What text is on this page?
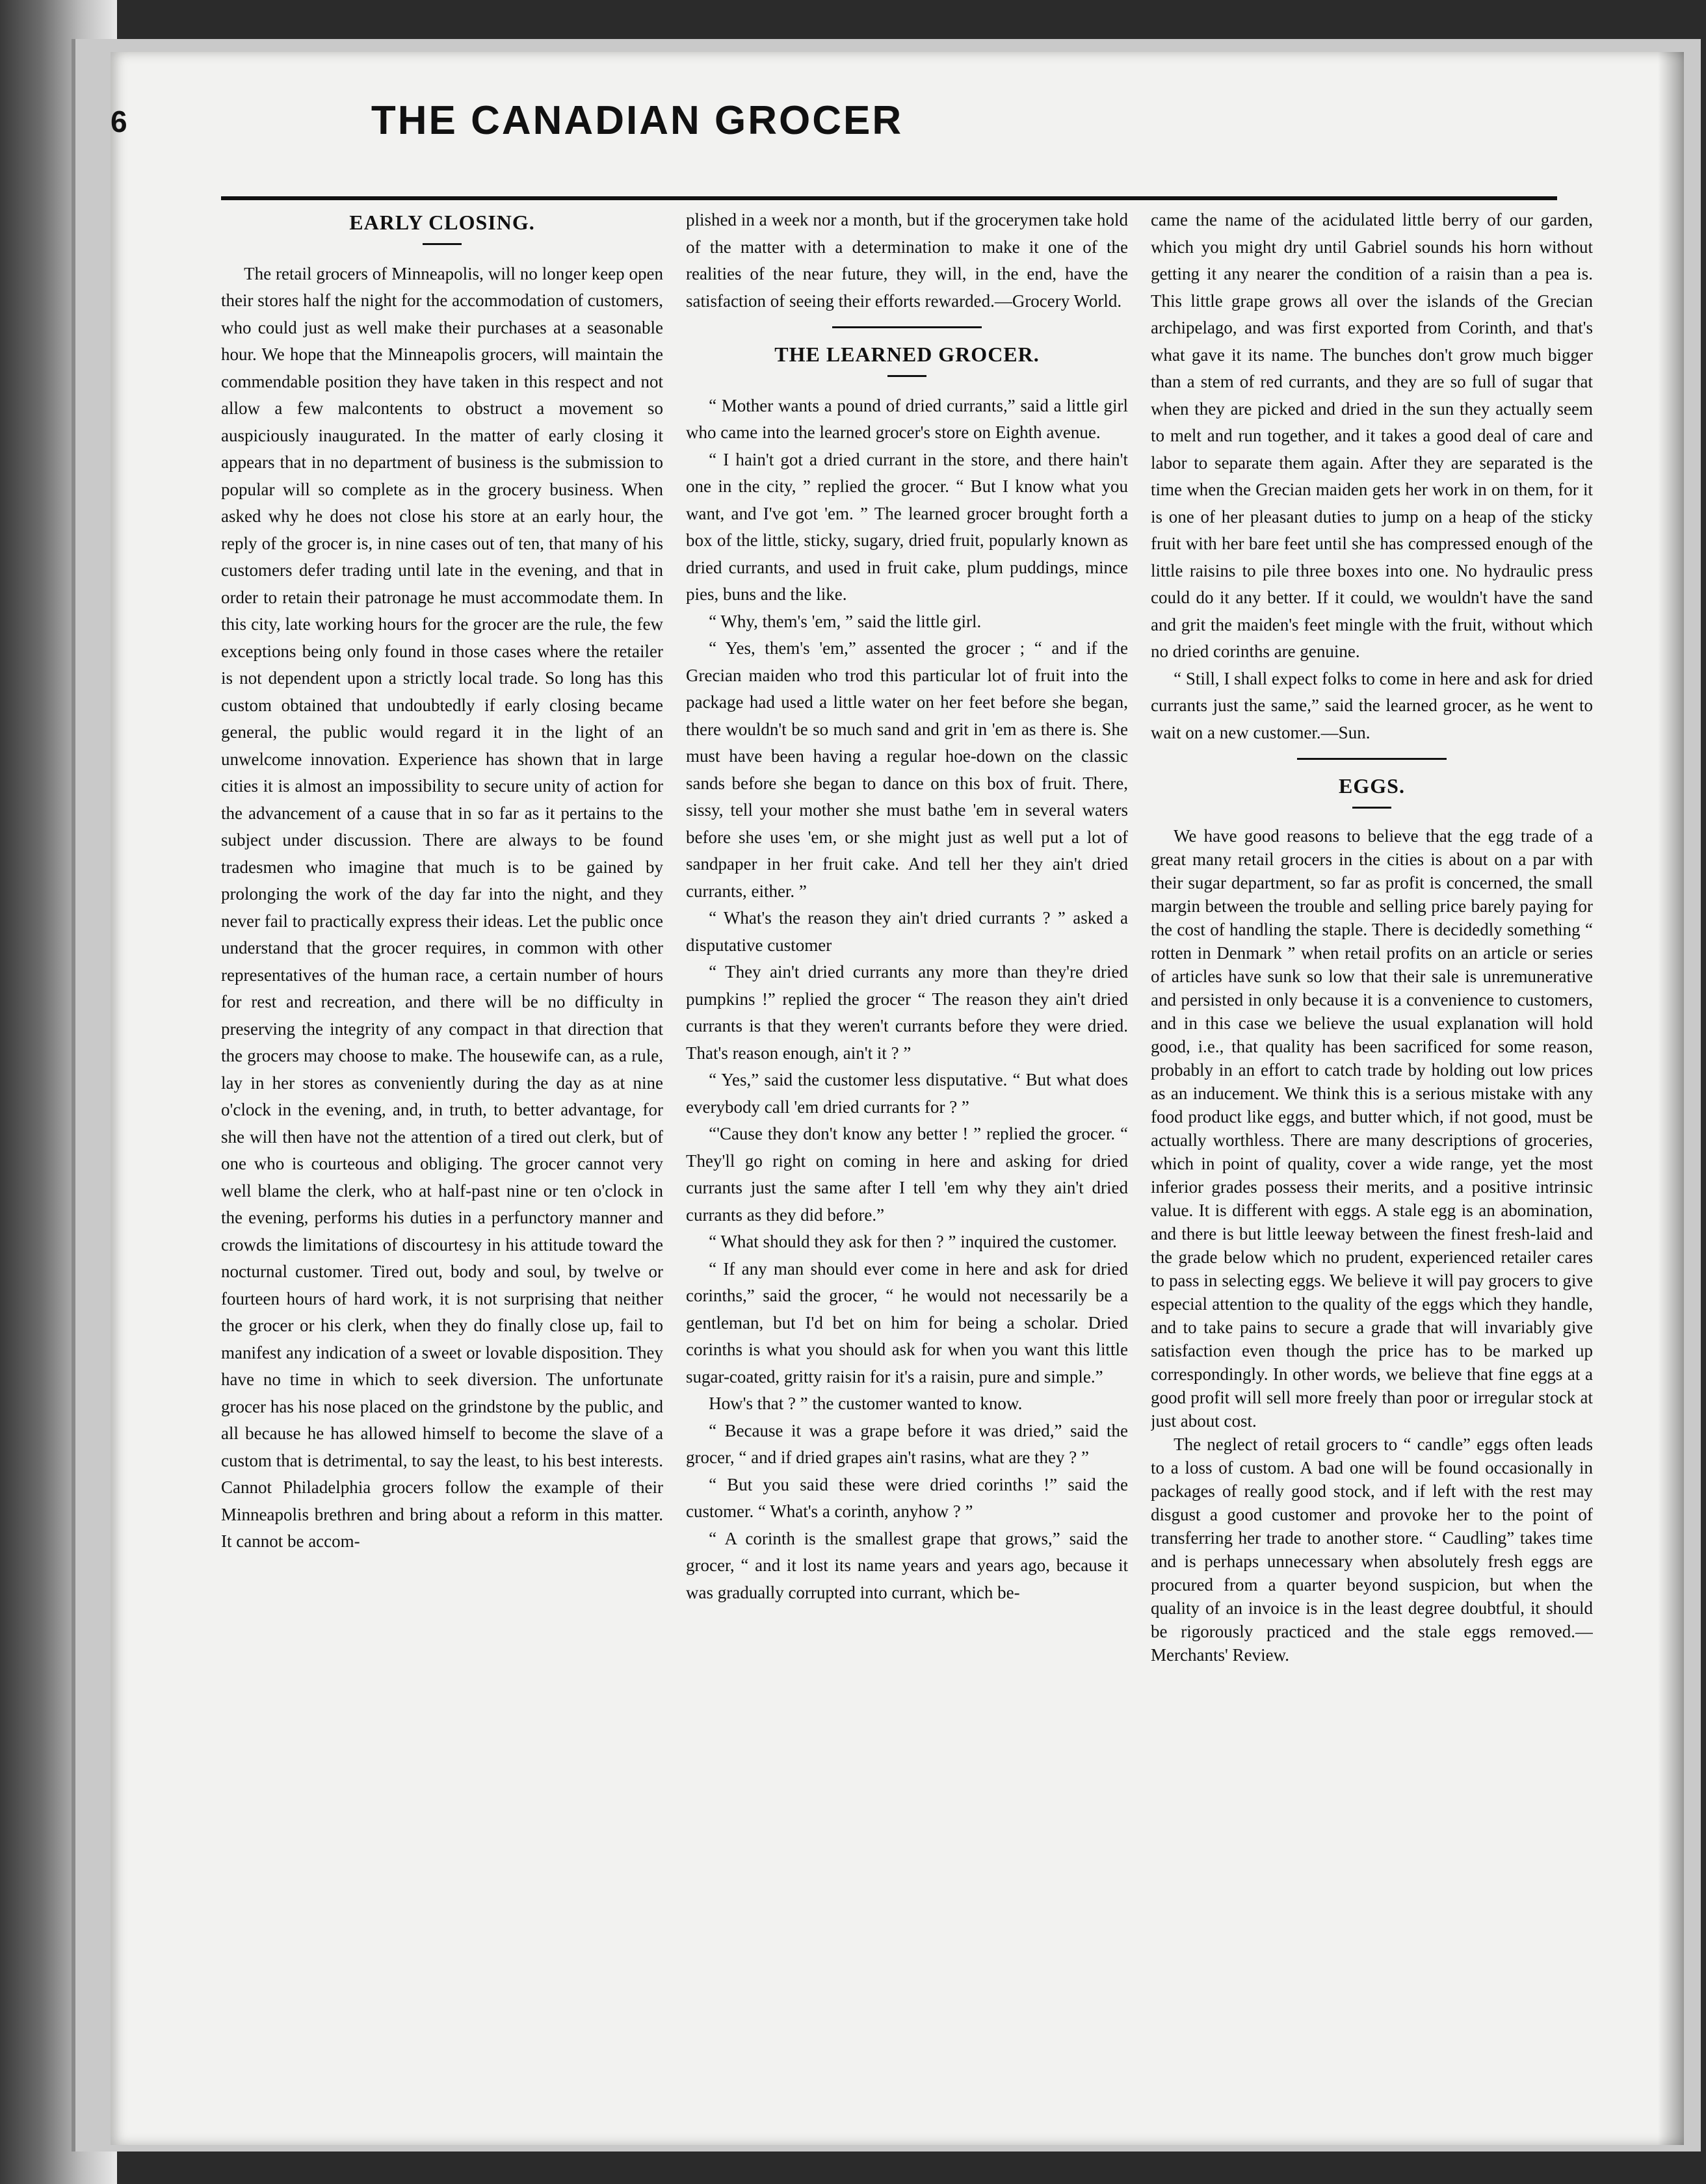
6	THE CANADIAN GROCER
EARLY CLOSING.

The retail grocers of Minneapolis, will no longer keep open their stores half the night for the accommodation of customers, who could just as well make their purchases at a seasonable hour. We hope that the Minneapolis grocers, will maintain the commendable position they have taken in this respect and not allow a few malcontents to obstruct a movement so auspiciously inaugurated. In the matter of early closing it appears that in no department of business is the submission to popular will so complete as in the grocery business. When asked why he does not close his store at an early hour, the reply of the grocer is, in nine cases out of ten, that many of his customers defer trading until late in the evening, and that in order to retain their patronage he must accommodate them. In this city, late working hours for the grocer are the rule, the few exceptions being only found in those cases where the retailer is not dependent upon a strictly local trade. So long has this custom obtained that undoubtedly if early closing became general, the public would regard it in the light of an unwelcome innovation. Experience has shown that in large cities it is almost an impossibility to secure unity of action for the advancement of a cause that in so far as it pertains to the subject under discussion. There are always to be found tradesmen who imagine that much is to be gained by prolonging the work of the day far into the night, and they never fail to practically express their ideas. Let the public once understand that the grocer requires, in common with other representatives of the human race, a certain number of hours for rest and recreation, and there will be no difficulty in preserving the integrity of any compact in that direction that the grocers may choose to make. The housewife can, as a rule, lay in her stores as conveniently during the day as at nine o'clock in the evening, and, in truth, to better advantage, for she will then have not the attention of a tired out clerk, but of one who is courteous and obliging. The grocer cannot very well blame the clerk, who at half-past nine or ten o'clock in the evening, performs his duties in a perfunctory manner and crowds the limitations of discourtesy in his attitude toward the nocturnal customer. Tired out, body and soul, by twelve or fourteen hours of hard work, it is not surprising that neither the grocer or his clerk, when they do finally close up, fail to manifest any indication of a sweet or lovable disposition. They have no time in which to seek diversion. The unfortunate grocer has his nose placed on the grindstone by the public, and all because he has allowed himself to become the slave of a custom that is detrimental, to say the least, to his best interests. Cannot Philadelphia grocers follow the example of their Minneapolis brethren and bring about a reform in this matter. It cannot be accom-

plished in a week nor a month, but if the grocerymen take hold of the matter with a determination to make it one of the realities of the near future, they will, in the end, have the satisfaction of seeing their efforts rewarded.—Grocery World.

THE LEARNED GROCER.

“ Mother wants a pound of dried currants,” said a little girl who came into the learned grocer's store on Eighth avenue.

“ I hain't got a dried currant in the store, and there hain't one in the city, ” replied the grocer. “ But I know what you want, and I've got 'em. ” The learned grocer brought forth a box of the little, sticky, sugary, dried fruit, popularly known as dried currants, and used in fruit cake, plum puddings, mince pies, buns and the like.

“ Why, them's 'em, ” said the little girl.

“ Yes, them's 'em,” assented the grocer ; “ and if the Grecian maiden who trod this particular lot of fruit into the package had used a little water on her feet before she began, there wouldn't be so much sand and grit in 'em as there is. She must have been having a regular hoe-down on the classic sands before she began to dance on this box of fruit. There, sissy, tell your mother she must bathe 'em in several waters before she uses 'em, or she might just as well put a lot of sandpaper in her fruit cake. And tell her they ain't dried currants, either. ”

“ What's the reason they ain't dried currants ? ” asked a disputative customer

“ They ain't dried currants any more than they're dried pumpkins !” replied the grocer “ The reason they ain't dried currants is that they weren't currants before they were dried. That's reason enough, ain't it ? ”

“ Yes,” said the customer less disputative. “ But what does everybody call 'em dried currants for ? ”

“'Cause they don't know any better ! ” replied the grocer. “ They'll go right on coming in here and asking for dried currants just the same after I tell 'em why they ain't dried currants as they did before.”

“ What should they ask for then ? ” inquired the customer.

“ If any man should ever come in here and ask for dried corinths,” said the grocer, “ he would not necessarily be a gentleman, but I'd bet on him for being a scholar. Dried corinths is what you should ask for when you want this little sugar-coated, gritty raisin for it's a raisin, pure and simple.”

How's that ? ” the customer wanted to know.

“ Because it was a grape before it was dried,” said the grocer, “ and if dried grapes ain't rasins, what are they ? ”

“ But you said these were dried corinths !” said the customer. “ What's a corinth, anyhow ? ”

“ A corinth is the smallest grape that grows,” said the grocer, “ and it lost its name years and years ago, because it was gradually corrupted into currant, which be-

came the name of the acidulated little berry of our garden, which you might dry until Gabriel sounds his horn without getting it any nearer the condition of a raisin than a pea is. This little grape grows all over the islands of the Grecian archipelago, and was first exported from Corinth, and that's what gave it its name. The bunches don't grow much bigger than a stem of red currants, and they are so full of sugar that when they are picked and dried in the sun they actually seem to melt and run together, and it takes a good deal of care and labor to separate them again. After they are separated is the time when the Grecian maiden gets her work in on them, for it is one of her pleasant duties to jump on a heap of the sticky fruit with her bare feet until she has compressed enough of the little raisins to pile three boxes into one. No hydraulic press could do it any better. If it could, we wouldn't have the sand and grit the maiden's feet mingle with the fruit, without which no dried corinths are genuine.

“ Still, I shall expect folks to come in here and ask for dried currants just the same,” said the learned grocer, as he went to wait on a new customer.—Sun.

EGGS.

We have good reasons to believe that the egg trade of a great many retail grocers in the cities is about on a par with their sugar department, so far as profit is concerned, the small margin between the trouble and selling price barely paying for the cost of handling the staple. There is decidedly something “ rotten in Denmark ” when retail profits on an article or series of articles have sunk so low that their sale is unremunerative and persisted in only because it is a convenience to customers, and in this case we believe the usual explanation will hold good, i.e., that quality has been sacrificed for some reason, probably in an effort to catch trade by holding out low prices as an inducement. We think this is a serious mistake with any food product like eggs, and butter which, if not good, must be actually worthless. There are many descriptions of groceries, which in point of quality, cover a wide range, yet the most inferior grades possess their merits, and a positive intrinsic value. It is different with eggs. A stale egg is an abomination, and there is but little leeway between the finest fresh-laid and the grade below which no prudent, experienced retailer cares to pass in selecting eggs. We believe it will pay grocers to give especial attention to the quality of the eggs which they handle, and to take pains to secure a grade that will invariably give satisfaction even though the price has to be marked up correspondingly. In other words, we believe that fine eggs at a good profit will sell more freely than poor or irregular stock at just about cost.

The neglect of retail grocers to “ candle” eggs often leads to a loss of custom. A bad one will be found occasionally in packages of really good stock, and if left with the rest may disgust a good customer and provoke her to the point of transferring her trade to another store. “ Caudling” takes time and is perhaps unnecessary when absolutely fresh eggs are procured from a quarter beyond suspicion, but when the quality of an invoice is in the least degree doubtful, it should be rigorously practiced and the stale eggs removed.—Merchants' Review.
